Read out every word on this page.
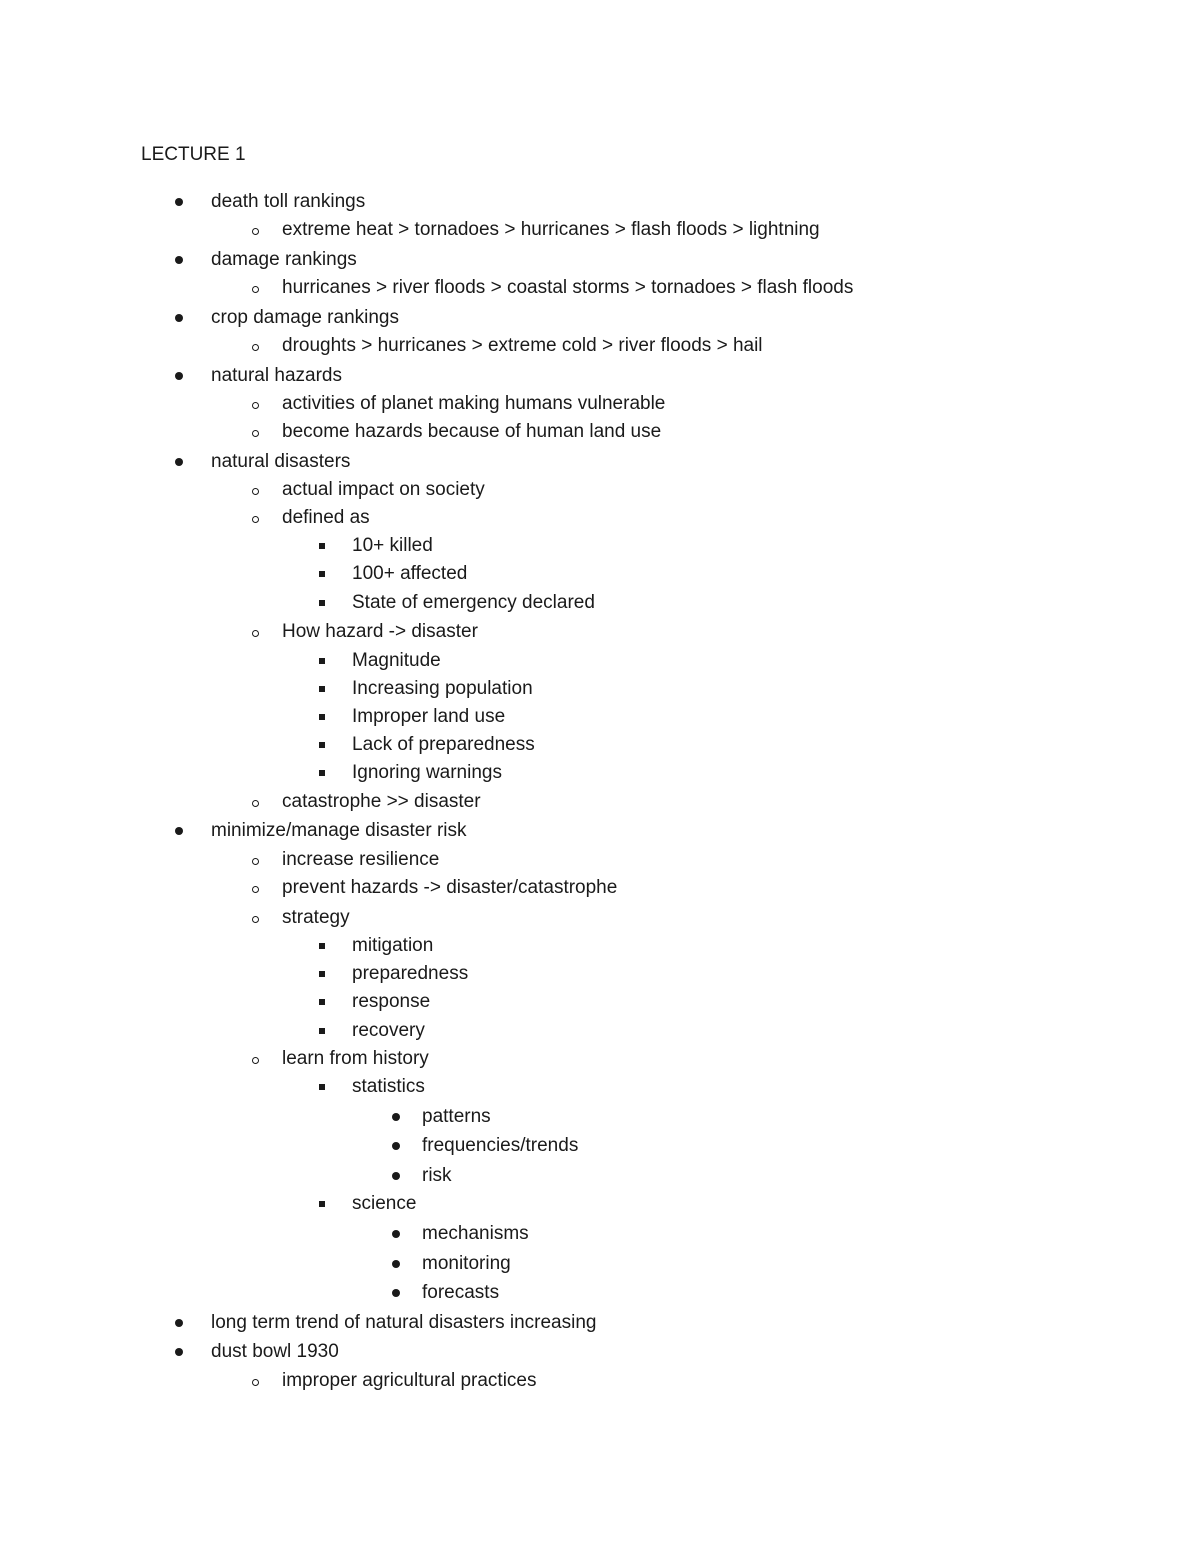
LECTURE 1
death toll rankings
extreme heat > tornadoes > hurricanes > flash floods > lightning
damage rankings
hurricanes > river floods > coastal storms > tornadoes > flash floods
crop damage rankings
droughts > hurricanes > extreme cold > river floods > hail
natural hazards
activities of planet making humans vulnerable
become hazards because of human land use
natural disasters
actual impact on society
defined as
10+ killed
100+ affected
State of emergency declared
How hazard -> disaster
Magnitude
Increasing population
Improper land use
Lack of preparedness
Ignoring warnings
catastrophe >> disaster
minimize/manage disaster risk
increase resilience
prevent hazards -> disaster/catastrophe
strategy
mitigation
preparedness
response
recovery
learn from history
statistics
patterns
frequencies/trends
risk
science
mechanisms
monitoring
forecasts
long term trend of natural disasters increasing
dust bowl 1930
improper agricultural practices
